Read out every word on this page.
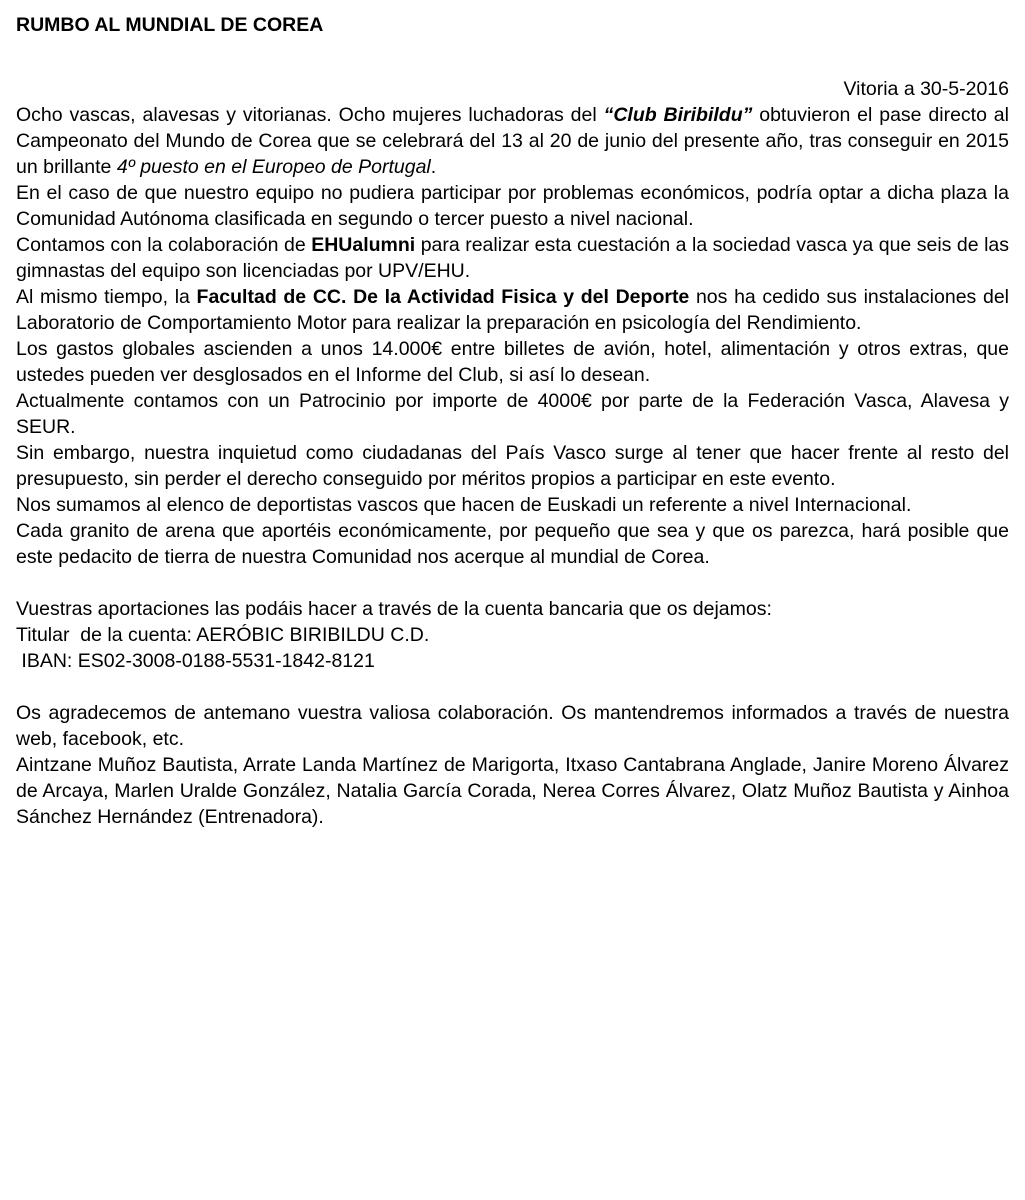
RUMBO AL MUNDIAL DE COREA
Vitoria a 30-5-2016

Ocho vascas, alavesas y vitorianas. Ocho mujeres luchadoras del “Club Biribildu” obtuvieron el pase directo al Campeonato del Mundo de Corea que se celebrará del 13 al 20 de junio del presente año, tras conseguir en 2015 un brillante 4º puesto en el Europeo de Portugal.

En el caso de que nuestro equipo no pudiera participar por problemas económicos, podría optar a dicha plaza la Comunidad Autónoma clasificada en segundo o tercer puesto a nivel nacional.

Contamos con la colaboración de EHUalumni para realizar esta cuestación a la sociedad vasca ya que seis de las gimnastas del equipo son licenciadas por UPV/EHU.

Al mismo tiempo, la Facultad de CC. De la Actividad Fisica y del Deporte nos ha cedido sus instalaciones del Laboratorio de Comportamiento Motor para realizar la preparación en psicología del Rendimiento.

Los gastos globales ascienden a unos 14.000€ entre billetes de avión, hotel, alimentación y otros extras, que ustedes pueden ver desglosados en el Informe del Club, si así lo desean.

Actualmente contamos con un Patrocinio por importe de 4000€ por parte de la Federación Vasca, Alavesa y SEUR.

Sin embargo, nuestra inquietud como ciudadanas del País Vasco surge al tener que hacer frente al resto del presupuesto, sin perder el derecho conseguido por méritos propios a participar en este evento.

Nos sumamos al elenco de deportistas vascos que hacen de Euskadi un referente a nivel Internacional.

Cada granito de arena que aportéis económicamente, por pequeño que sea y que os parezca, hará posible que este pedacito de tierra de nuestra Comunidad nos acerque al mundial de Corea.

Vuestras aportaciones las podáis hacer a través de la cuenta bancaria que os dejamos:

Titular  de la cuenta: AERÓBIC BIRIBILDU C.D.

IBAN: ES02-3008-0188-5531-1842-8121

Os agradecemos de antemano vuestra valiosa colaboración. Os mantendremos informados a través de nuestra web, facebook, etc.

Aintzane Muñoz Bautista, Arrate Landa Martínez de Marigorta, Itxaso Cantabrana Anglade, Janire Moreno Álvarez de Arcaya, Marlen Uralde González, Natalia García Corada, Nerea Corres Álvarez, Olatz Muñoz Bautista y Ainhoa Sánchez Hernández (Entrenadora).
